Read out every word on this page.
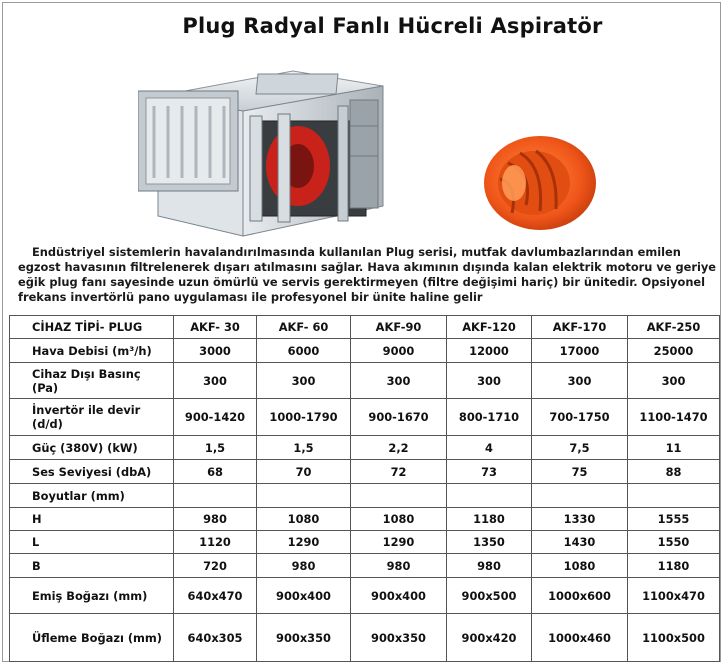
Plug Radyal Fanlı Hücreli Aspiratör
Endüstriyel sistemlerin havalandırılmasında kullanılan Plug serisi, mutfak davlumbazlarından emilen
egzost havasının filtrelenerek dışarı atılmasını sağlar. Hava akımının dışında kalan elektrik motoru ve geriye
eğik plug fanı sayesinde uzun ömürlü ve servis gerektirmeyen (filtre değişimi hariç) bir ünitedir. Opsiyonel
frekans invertörlü pano uygulaması ile profesyonel bir ünite haline gelir
CİHAZ TİPİ- PLUG	AKF- 30	AKF- 60	AKF-90	AKF-120	AKF-170	AKF-250
Hava Debisi (m³/h)	3000	6000	9000	12000	17000	25000
Cihaz Dışı Basınç (Pa)	300	300	300	300	300	300
İnvertör ile devir (d/d)	900-1420	1000-1790	900-1670	800-1710	700-1750	1100-1470
Güç (380V) (kW)	1,5	1,5	2,2	4	7,5	11
Ses Seviyesi (dbA)	68	70	72	73	75	88
Boyutlar (mm)						
H	980	1080	1080	1180	1330	1555
L	1120	1290	1290	1350	1430	1550
B	720	980	980	980	1080	1180
Emiş Boğazı (mm)	640x470	900x400	900x400	900x500	1000x600	1100x470
Üfleme Boğazı (mm)	640x305	900x350	900x350	900x420	1000x460	1100x500
